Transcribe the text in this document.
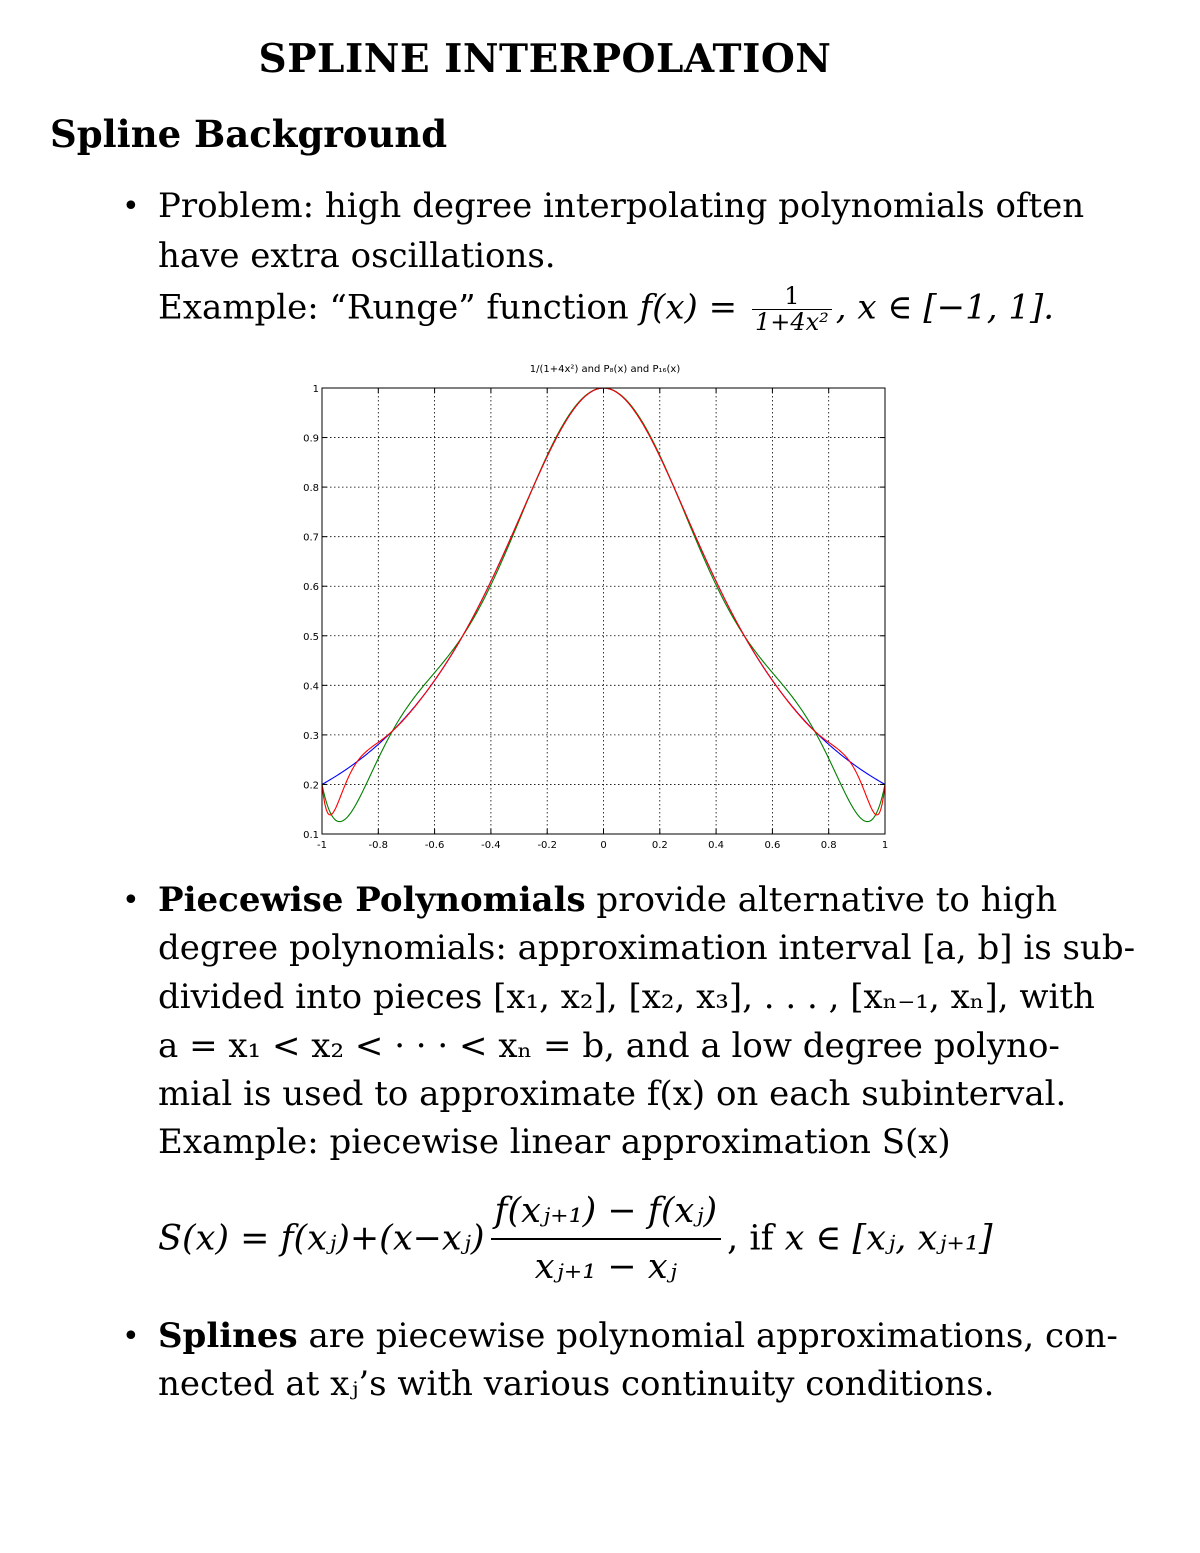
SPLINE INTERPOLATION
Spline Background
• Problem: high degree interpolating polynomials often
have extra oscillations.
Example: “Runge” function $f(x) = \frac{1}{\text{1+4x²}}$ , x ∈ [−1, 1].
1/(1+4x²) and P₈(x) and P₁₆(x)
-1	-0.8	-0.6	-0.4	-0.2	0	0.2	0.4	0.6	0.8	1
0.1
0.2
0.3
0.4
0.5
0.6
0.7
0.8
0.9
1
• Piecewise Polynomials provide alternative to high
degree polynomials: approximation interval [a, b] is sub-
divided into pieces [x₁, x₂], [x₂, x₃], . . . , [xₙ₋₁, xₙ], with
a = x₁ < x₂ < · · · < xₙ = b, and a low degree polyno-
mial is used to approximate f(x) on each subinterval.
Example: piecewise linear approximation S(x)
S(x) = f(xⱼ)+(x−xⱼ) $\frac{\text{f(xⱼ₊₁) − f(xⱼ)}}{\text{xⱼ₊₁ − xⱼ}}$ , if x ∈ [xⱼ, xⱼ₊₁]
• Splines are piecewise polynomial approximations, con-
nected at xⱼ’s with various continuity conditions.
